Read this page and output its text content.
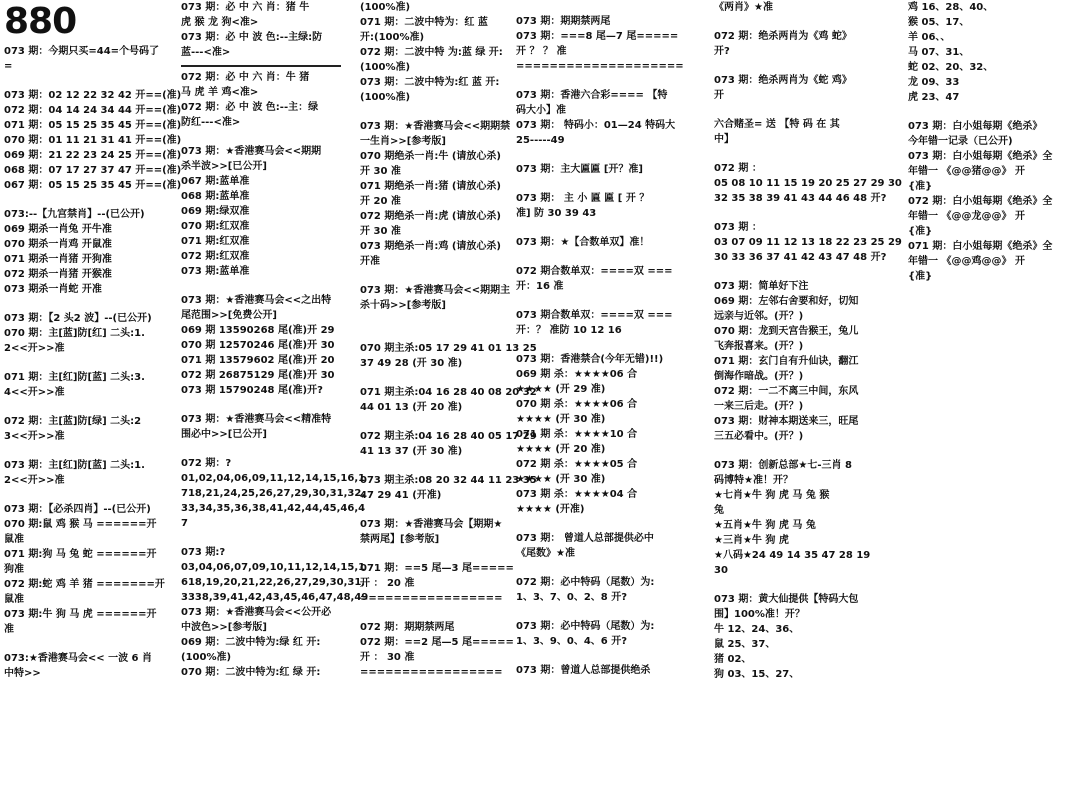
880
073 期：今期只买=44=个号码了
=
073 期：02 12 22 32 42 开==(准)
072 期：04 14 24 34 44 开==(准)
071 期：05 15 25 35 45 开==(准)
070 期：01 11 21 31 41 开==(准)
069 期：21 22 23 24 25 开==(准)
068 期：07 17 27 37 47 开==(准)
067 期：05 15 25 35 45 开==(准)
073:--【九宫禁肖】--(已公开)
069 期杀一肖兔 开牛准
070 期杀一肖鸡 开鼠准
071 期杀一肖猪 开狗准
072 期杀一肖猪 开猴准
073 期杀一肖蛇 开准
073 期：【2 头2 波】--(已公开)
070 期：主[蓝]防[红] 二头:1.
2<<开>>准
071 期：主[红]防[蓝] 二头:3.
4<<开>>准
072 期：主[蓝]防[绿] 二头:2
3<<开>>准
073 期：主[红]防[蓝] 二头:1.
2<<开>>准
073 期：【必杀四肖】--(已公开)
070 期:鼠 鸡 猴 马 ======开
鼠准
071 期:狗 马 兔 蛇 ======开
狗准
072 期:蛇 鸡 羊 猪 =======开
鼠准
073 期:牛 狗 马 虎 ======开
准
073:★香港赛马会<< 一波 6 肖
中特>>
073 期：必 中 六 肖：猪 牛
虎 猴 龙 狗<准>
073 期：必 中 波 色:--主绿:防
蓝---<准>
072 期：必 中 六 肖：牛 猪
马 虎 羊 鸡<准>
072 期：必 中 波 色:--主：绿
防红---<准>
073 期：★香港赛马会<<期期
杀半波>>[已公开]
067 期:蓝单准
068 期:蓝单准
069 期:绿双准
070 期:红双准
071 期:红双准
072 期:红双准
073 期:蓝单准
073 期：★香港赛马会<<之出特
尾范围>>[免费公开]
069 期 13590268 尾(准)开 29
070 期 12570246 尾(准)开 30
071 期 13579602 尾(准)开 20
072 期 26875129 尾(准)开 30
073 期 15790248 尾(准)开?
073 期：★香港赛马会<<精准特
围必中>>[已公开]
072 期：?
01,02,04,06,09,11,12,14,15,16,1
718,21,24,25,26,27,29,30,31,32,
33,34,35,36,38,41,42,44,45,46,4
7
073 期:?
03,04,06,07,09,10,11,12,14,15,1
618,19,20,21,22,26,27,29,30,31,
3338,39,41,42,43,45,46,47,48,49
073 期：★香港赛马会<<公开必
中波色>>[参考版]
069 期：二波中特为:绿 红 开:
(100%准)
070 期：二波中特为:红 绿 开:
(100%准)
071 期：二波中特为：红 蓝
开:(100%准)
072 期：二波中特 为:蓝 绿 开:
(100%准)
073 期：二波中特为:红 蓝 开:
(100%准)
073 期：★香港赛马会<<期期禁
一生肖>>[参考版]
070 期绝杀一肖:牛 (请放心杀)
开 30 准
071 期绝杀一肖:猪 (请放心杀)
开 20 准
072 期绝杀一肖:虎 (请放心杀)
开 30 准
073 期绝杀一肖:鸡 (请放心杀)
开准
073 期：★香港赛马会<<期期主
杀十码>>[参考版]
070 期主杀:05 17 29 41 01 13 25
37 49 28 (开 30 准)
071 期主杀:04 16 28 40 08 20 32
44 01 13 (开 20 准)
072 期主杀:04 16 28 40 05 17 29
41 13 37 (开 30 准)
073 期主杀:08 20 32 44 11 23 35
47 29 41 (开准)
073 期：★香港赛马会【期期★
禁两尾】[参考版]
071 期：==5 尾—3 尾=====
开 ： 20 准
=================
072 期：期期禁两尾
072 期：==2 尾—5 尾=====
开 ： 30 准
=================
073 期：期期禁两尾
073 期：===8 尾—7 尾=====
开 ？ ？ 准
====================
073 期：香港六合彩==== 【特
码大小】准
073 期： 特码小：01—24 特码大
25-----49
073 期：主大匾匾 [开？准]
073 期： 主 小 匾 匾 [ 开 ？
准] 防 30 39 43
073 期：★【合数单双】准！
072 期合数单双：====双 ===
开：16 准
073 期合数单双：====双 ===
开：？ 准防 10 12 16
073 期：香港禁合(今年无错)!!)
069 期 杀：★★★★06 合
★★★★ (开 29 准)
070 期 杀：★★★★06 合
★★★★ (开 30 准)
071 期 杀：★★★★10 合
★★★★ (开 20 准)
072 期 杀：★★★★05 合
★★★★ (开 30 准)
073 期 杀：★★★★04 合
★★★★ (开准)
073 期： 曾道人总部提供必中
《尾数》★准
072 期：必中特码（尾数）为:
1、3、7、0、2、8 开?
073 期：必中特码（尾数）为:
1、3、9、0、4、6 开?
073 期：曾道人总部提供绝杀
《两肖》★准
072 期：绝杀两肖为《鸡 蛇》
开?
073 期：绝杀两肖为《蛇 鸡》
开
六合赌圣= 送 【特 码 在 其
中】
072 期 ：
05 08 10 11 15 19 20 25 27 29 30
32 35 38 39 41 43 44 46 48 开?
073 期 ：
03 07 09 11 12 13 18 22 23 25 29
30 33 36 37 41 42 43 47 48 开?
073 期：简单好下注
069 期：左邻右舍要和好，切知
远亲与近邻。(开？)
070 期：龙到天宫告猴王，兔儿
飞奔报喜来。(开？)
071 期：玄门自有升仙诀，翻江
倒海作暗战。(开？)
072 期：一二不离三中间，东风
一来三后走。(开？)
073 期：财神本期送来三，旺尾
三五必看中。(开？)
073 期：创新总部★七-三肖 8
码博特★准！开？
★七肖★牛 狗 虎 马 兔 猴
兔
★五肖★牛 狗 虎 马 兔
★三肖★牛 狗 虎
★八码★24 49 14 35 47 28 19
30
073 期：黄大仙提供【特码大包
围】100%准！开？
牛 12、24、36、
鼠 25、37、
猪 02、
狗 03、15、27、
鸡 16、28、40、
猴 05、17、
羊 06、、
马 07、31、
蛇 02、20、32、
龙 09、33
虎 23、47
073 期：白小姐每期《绝杀》
今年错一记录（已公开)
073 期：白小姐每期《绝杀》全
年错一 《@@猪@@》 开
{准}
072 期：白小姐每期《绝杀》全
年错一 《@@龙@@》 开
{准}
071 期：白小姐每期《绝杀》全
年错一 《@@鸡@@》 开
{准}
